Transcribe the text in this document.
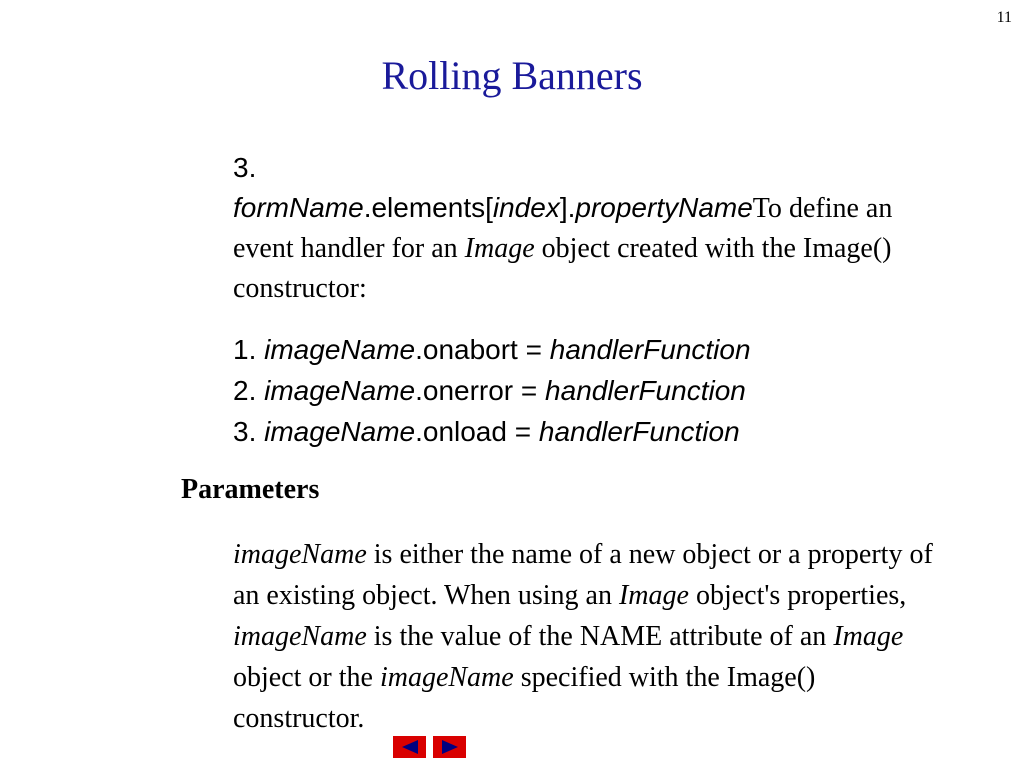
11
Rolling Banners
3.
formName.elements[index].propertyNameTo define an event handler for an Image object created with the Image() constructor:
1. imageName.onabort = handlerFunction
2. imageName.onerror = handlerFunction
3. imageName.onload = handlerFunction
Parameters
imageName is either the name of a new object or a property of an existing object. When using an Image object's properties, imageName is the value of the NAME attribute of an Image object or the imageName specified with the Image() constructor.
